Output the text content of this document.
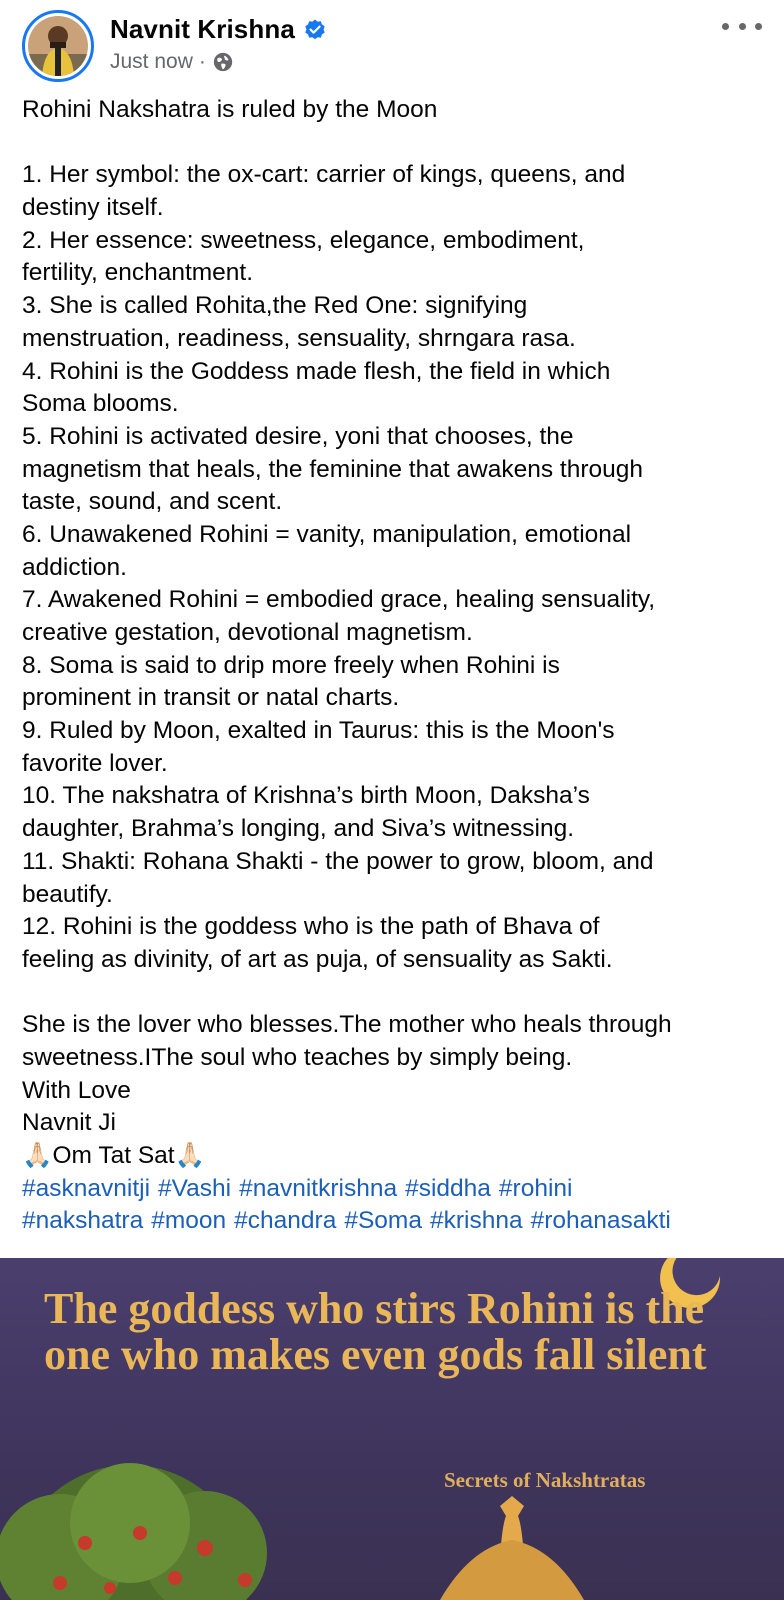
Navnit Krishna
Just now ·
Rohini Nakshatra is ruled by the Moon
1. Her symbol: the ox-cart: carrier of kings, queens, and
destiny itself.
2. Her essence: sweetness, elegance, embodiment,
fertility, enchantment.
3. She is called Rohita,the Red One: signifying
menstruation, readiness, sensuality, shrngara rasa.
4. Rohini is the Goddess made flesh, the field in which
Soma blooms.
5. Rohini is activated desire, yoni that chooses, the
magnetism that heals, the feminine that awakens through
taste, sound, and scent.
6. Unawakened Rohini = vanity, manipulation, emotional
addiction.
7. Awakened Rohini = embodied grace, healing sensuality,
creative gestation, devotional magnetism.
8. Soma is said to drip more freely when Rohini is
prominent in transit or natal charts.
9. Ruled by Moon, exalted in Taurus: this is the Moon's
favorite lover.
10. The nakshatra of Krishna’s birth Moon, Daksha’s
daughter, Brahma’s longing, and Siva’s witnessing.
11. Shakti: Rohana Shakti - the power to grow, bloom, and
beautify.
12. Rohini is the goddess who is the path of Bhava of
feeling as divinity, of art as puja, of sensuality as Sakti.
She is the lover who blesses.The mother who heals through
sweetness.IThe soul who teaches by simply being.
With Love
Navnit Ji
🙏🏻Om Tat Sat🙏🏻
#asknavnitji #Vashi #navnitkrishna #siddha #rohini
#nakshatra #moon #chandra #Soma #krishna #rohanasakti
The goddess who stirs Rohini is the one who makes even gods fall silent
Secrets of Nakshtratas
